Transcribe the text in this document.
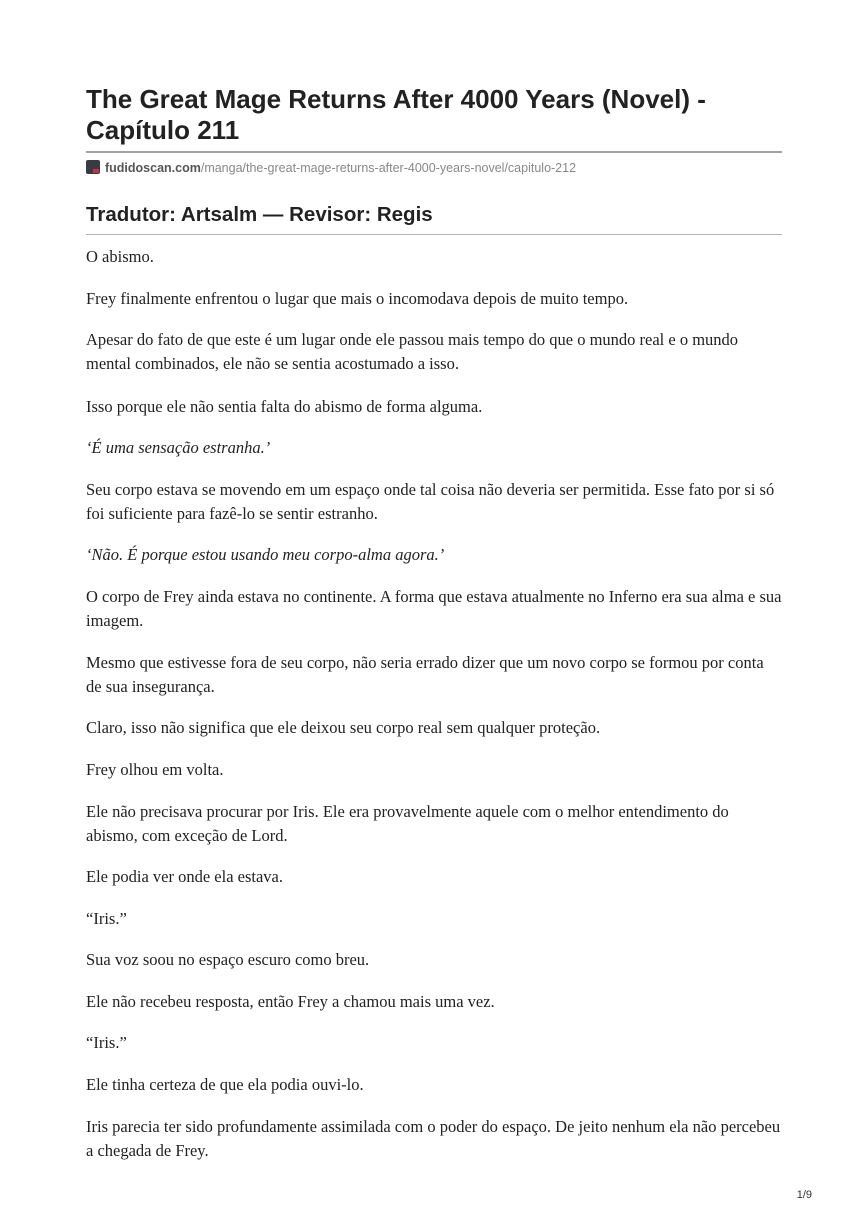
The Great Mage Returns After 4000 Years (Novel) - Capítulo 211
fudidoscan.com/manga/the-great-mage-returns-after-4000-years-novel/capitulo-212
Tradutor: Artsalm — Revisor: Regis

O abismo.

Frey finalmente enfrentou o lugar que mais o incomodava depois de muito tempo.

Apesar do fato de que este é um lugar onde ele passou mais tempo do que o mundo real e o mundo mental combinados, ele não se sentia acostumado a isso.

Isso porque ele não sentia falta do abismo de forma alguma.

‘É uma sensação estranha.’

Seu corpo estava se movendo em um espaço onde tal coisa não deveria ser permitida. Esse fato por si só foi suficiente para fazê-lo se sentir estranho.

‘Não. É porque estou usando meu corpo-alma agora.’

O corpo de Frey ainda estava no continente. A forma que estava atualmente no Inferno era sua alma e sua imagem.

Mesmo que estivesse fora de seu corpo, não seria errado dizer que um novo corpo se formou por conta de sua insegurança.

Claro, isso não significa que ele deixou seu corpo real sem qualquer proteção.

Frey olhou em volta.

Ele não precisava procurar por Iris. Ele era provavelmente aquele com o melhor entendimento do abismo, com exceção de Lord.

Ele podia ver onde ela estava.

“Iris.”

Sua voz soou no espaço escuro como breu.

Ele não recebeu resposta, então Frey a chamou mais uma vez.

“Iris.”

Ele tinha certeza de que ela podia ouvi-lo.

Iris parecia ter sido profundamente assimilada com o poder do espaço. De jeito nenhum ela não percebeu a chegada de Frey.

1/9
